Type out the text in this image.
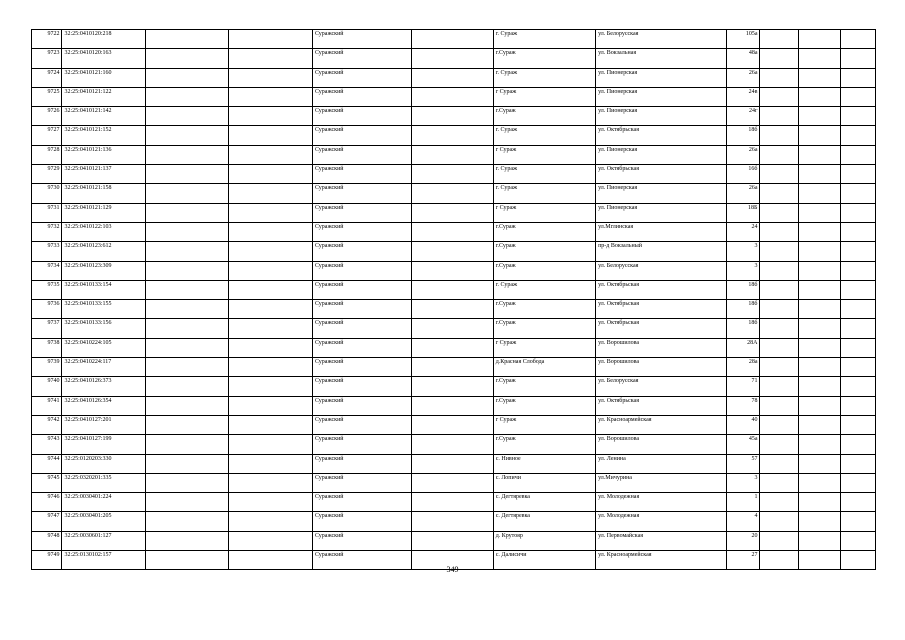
9722	32:25:0410120:218			Суражский		г. Сураж	ул. Белорусская	105а			
9723	32:25:0410120:163			Суражский		г.Сураж	ул. Вокзальная	48а			
9724	32:25:0410121:160			Суражский		г. Сураж	ул. Пионерская	26а			
9725	32:25:0410121:122			Суражский		г Сураж	ул. Пионерская	24в			
9726	32:25:0410121:142			Суражский		г.Сураж	ул. Пионерская	24г			
9727	32:25:0410121:152			Суражский		г. Сураж	ул. Октябрьская	18б			
9728	32:25:0410121:136			Суражский		г Сураж	ул. Пионерская	26а			
9729	32:25:0410121:137			Суражский		г. Сураж	ул. Октябрьская	16б			
9730	32:25:0410121:158			Суражский		г. Сураж	ул. Пионерская	26а			
9731	32:25:0410121:129			Суражский		г Сураж	ул. Пионерская	18Б			
9732	32:25:0410122:103			Суражский		г.Сураж	ул.Мглинская	24			
9733	32:25:0410123:612			Суражский		г.Сураж	пр-д Вокзальный	3			
9734	32:25:0410123:309			Суражский		г.Сураж	ул. Белорусская	3			
9735	32:25:0410133:154			Суражский		г. Сураж	ул. Октябрьская	18б			
9736	32:25:0410133:155			Суражский		г.Сураж	ул. Октябрьская	18б			
9737	32:25:0410133:156			Суражский		г.Сураж	ул. Октябрьская	18б			
9738	32:25:0410224:105			Суражский		г Сураж	ул. Ворошилова	28А			
9739	32:25:0410224:117			Суражский		д.Красная Слобода	ул. Ворошилова	28а			
9740	32:25:0410126:373			Суражский		г.Сураж	ул. Белорусская	71			
9741	32:25:0410126:354			Суражский		г.Сураж	ул. Октябрьская	78			
9742	32:25:0410127:201			Суражский		г Сураж	ул. Красноармейская	40			
9743	32:25:0410127:199			Суражский		г.Сураж	ул. Ворошилова	45а			
9744	32:25:0120203:330			Суражский		с. Нивное	ул. Ленина	57			
9745	32:25:0320201:335			Суражский		с. Лопичи	ул.Мичурина	3			
9746	32:25:0030401:224			Суражский		с. Дегтяревка	ул. Молодежная	1			
9747	32:25:0030401:205			Суражский		с. Дегтяревка	ул. Молодежная	4			
9748	32:25:0030601:127			Суражский		д. Крутояр	ул. Первомайская	20			
9749	32:25:0130102:157			Суражский		с. Далисичи	ул. Красноармейская	27			
349
